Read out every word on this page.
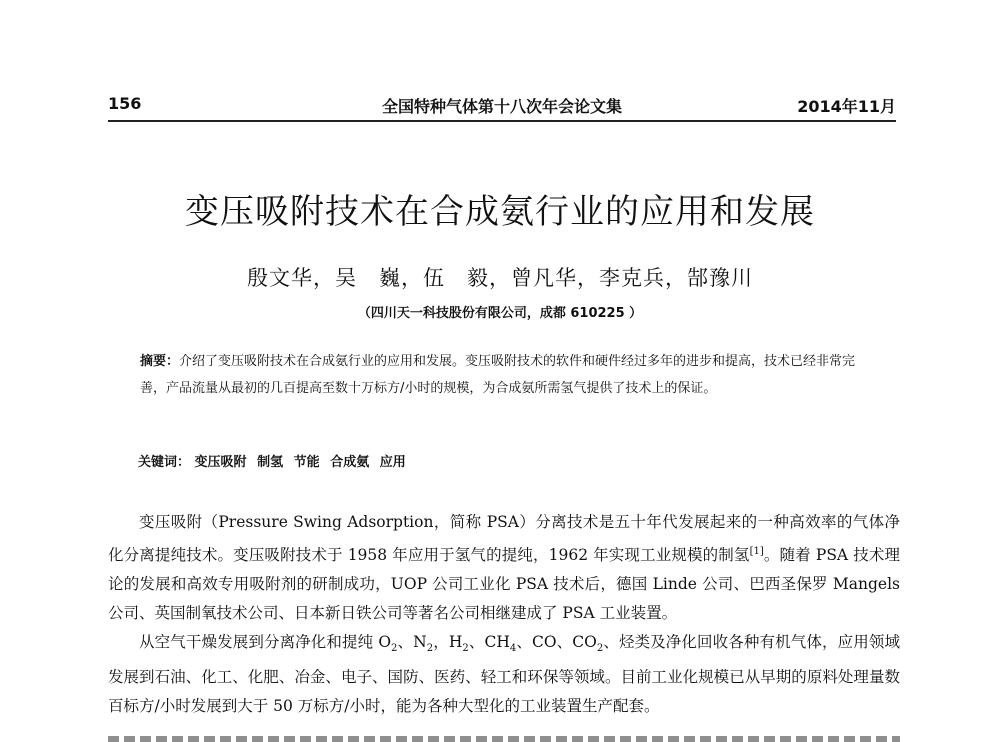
156	全国特种气体第十八次年会论文集	2014年11月
变压吸附技术在合成氨行业的应用和发展
殷文华，吴　巍，伍　毅，曾凡华，李克兵，郜豫川
（四川天一科技股份有限公司，成都 610225 ）
摘要：介绍了变压吸附技术在合成氨行业的应用和发展。变压吸附技术的软件和硬件经过多年的进步和提高，技术已经非常完善，产品流量从最初的几百提高至数十万标方/小时的规模，为合成氨所需氢气提供了技术上的保证。
关键词： 变压吸附 制氢 节能 合成氨 应用

变压吸附（Pressure Swing Adsorption，简称 PSA）分离技术是五十年代发展起来的一种高效率的气体净化分离提纯技术。变压吸附技术于 1958 年应用于氢气的提纯，1962 年实现工业规模的制氢[1]。随着 PSA 技术理论的发展和高效专用吸附剂的研制成功，UOP 公司工业化 PSA 技术后，德国 Linde 公司、巴西圣保罗 Mangels 公司、英国制氧技术公司、日本新日铁公司等著名公司相继建成了 PSA 工业装置。

从空气干燥发展到分离净化和提纯 $O_2$、$N_2$，$H_2$、$CH_4$、CO、$CO_2$、烃类及净化回收各种有机气体，应用领域发展到石油、化工、化肥、冶金、电子、国防、医药、轻工和环保等领域。目前工业化规模已从早期的原料处理量数百标方/小时发展到大于 50 万标方/小时，能为各种大型化的工业装置生产配套。
